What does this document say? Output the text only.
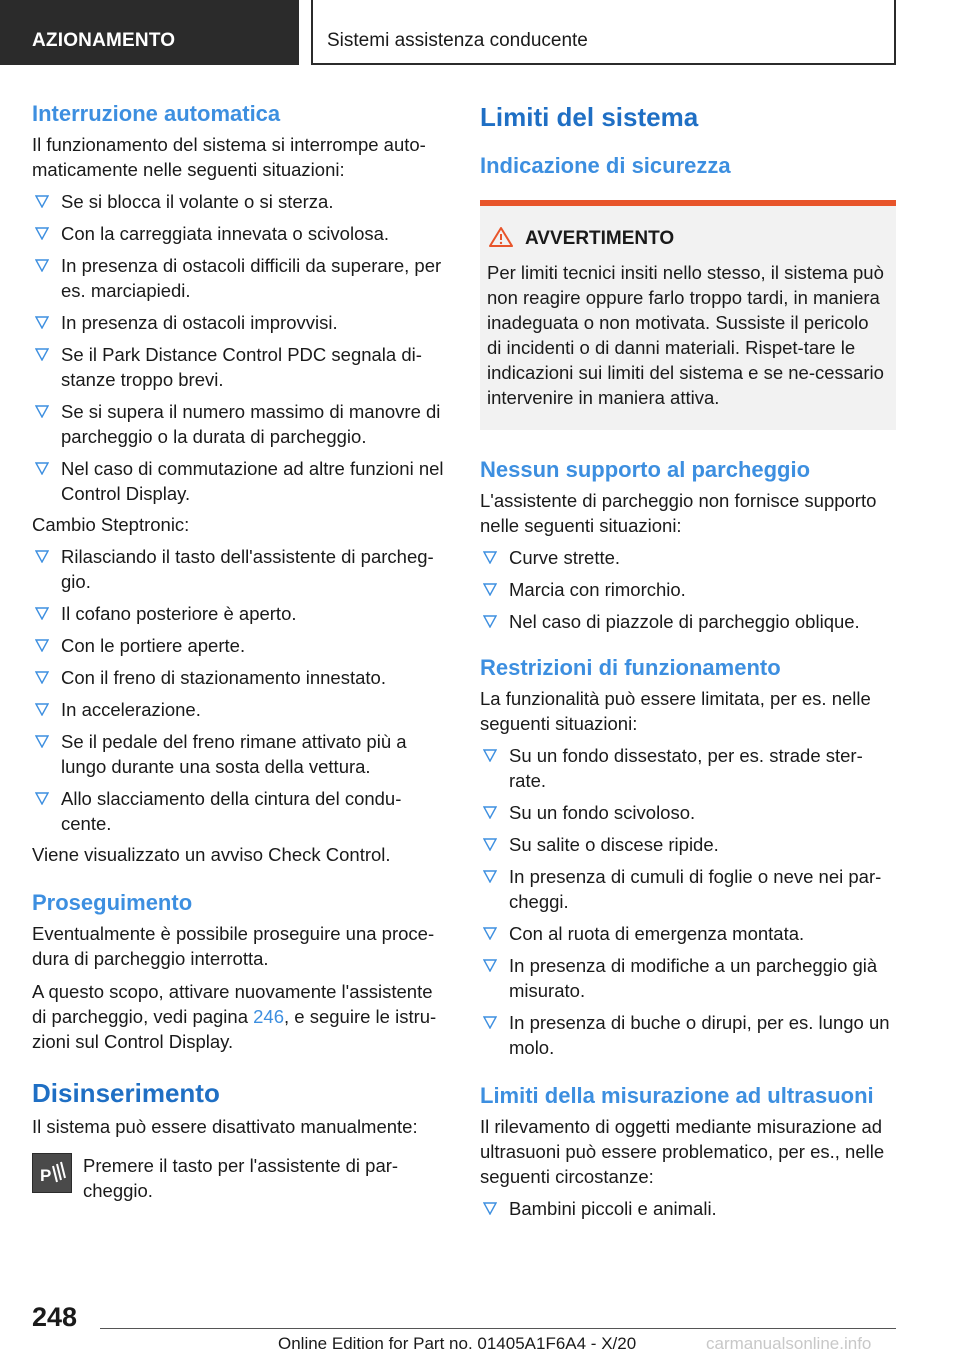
AZIONAMENTO	Sistemi assistenza conducente
Interruzione automatica

Il funzionamento del sistema si interrompe auto-maticamente nelle seguenti situazioni:

Se si blocca il volante o si sterza.
Con la carreggiata innevata o scivolosa.
In presenza di ostacoli difficili da superare, per es. marciapiedi.
In presenza di ostacoli improvvisi.
Se il Park Distance Control PDC segnala di-stanze troppo brevi.
Se si supera il numero massimo di manovre di parcheggio o la durata di parcheggio.
Nel caso di commutazione ad altre funzioni nel Control Display.

Cambio Steptronic:

Rilasciando il tasto dell'assistente di parcheg-gio.
Il cofano posteriore è aperto.
Con le portiere aperte.
Con il freno di stazionamento innestato.
In accelerazione.
Se il pedale del freno rimane attivato più a lungo durante una sosta della vettura.
Allo slacciamento della cintura del condu-cente.

Viene visualizzato un avviso Check Control.

Proseguimento

Eventualmente è possibile proseguire una proce-dura di parcheggio interrotta.

A questo scopo, attivare nuovamente l'assistente di parcheggio, vedi pagina 246, e seguire le istru-zioni sul Control Display.

Disinserimento

Il sistema può essere disattivato manualmente:

P Premere il tasto per l'assistente di par-cheggio.

Limiti del sistema
Indicazione di sicurezza
AVVERTIMENTO

Per limiti tecnici insiti nello stesso, il sistema può non reagire oppure farlo troppo tardi, in maniera inadeguata o non motivata. Sussiste il pericolo di incidenti o di danni materiali. Rispet-tare le indicazioni sui limiti del sistema e se ne-cessario intervenire in maniera attiva.

Nessun supporto al parcheggio

L'assistente di parcheggio non fornisce supporto nelle seguenti situazioni:

Curve strette.
Marcia con rimorchio.
Nel caso di piazzole di parcheggio oblique.
Restrizioni di funzionamento

La funzionalità può essere limitata, per es. nelle seguenti situazioni:

Su un fondo dissestato, per es. strade ster-rate.
Su un fondo scivoloso.
Su salite o discese ripide.
In presenza di cumuli di foglie o neve nei par-cheggi.
Con al ruota di emergenza montata.
In presenza di modifiche a un parcheggio già misurato.
In presenza di buche o dirupi, per es. lungo un molo.
Limiti della misurazione ad ultrasuoni

Il rilevamento di oggetti mediante misurazione ad ultrasuoni può essere problematico, per es., nelle seguenti circostanze:

Bambini piccoli e animali.
248
Online Edition for Part no. 01405A1F6A4 - X/20	carmanualsonline.info
